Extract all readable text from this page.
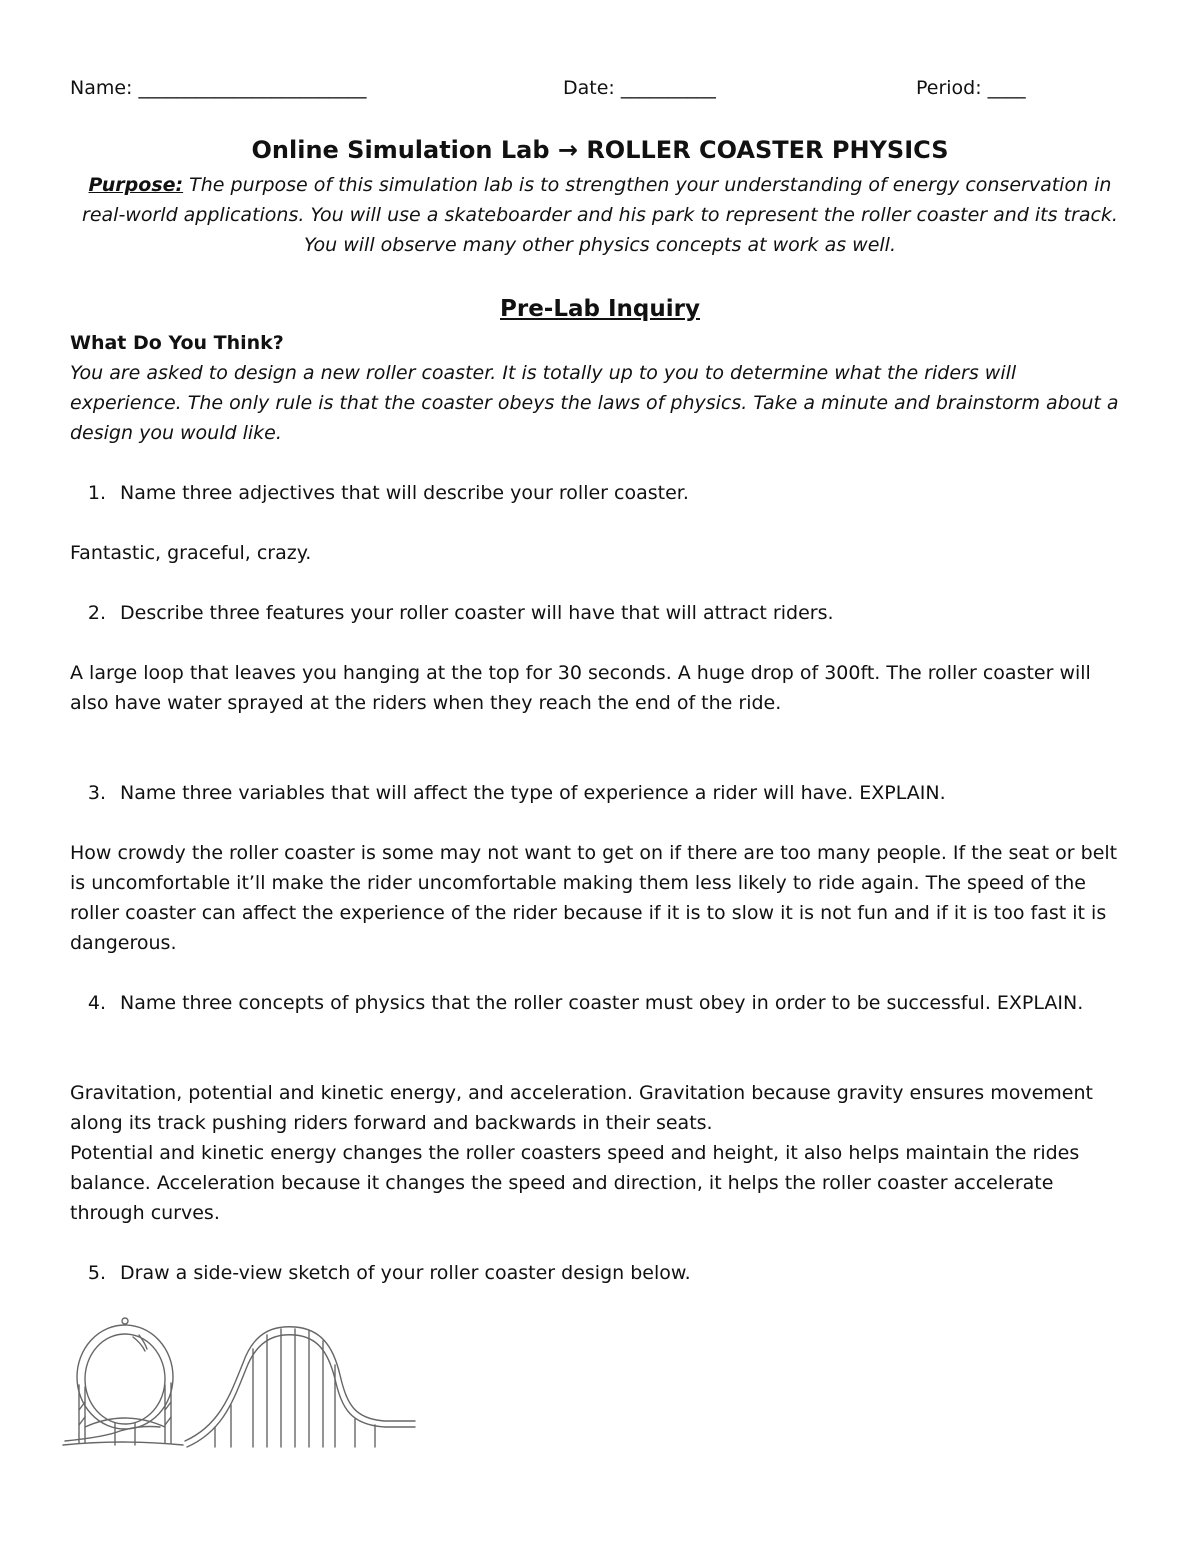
Name: ________________________	Date: __________	Period: ____
Online Simulation Lab → ROLLER COASTER PHYSICS
Purpose: The purpose of this simulation lab is to strengthen your understanding of energy conservation in real-world applications. You will use a skateboarder and his park to represent the roller coaster and its track. You will observe many other physics concepts at work as well.
Pre-Lab Inquiry
What Do You Think?
You are asked to design a new roller coaster. It is totally up to you to determine what the riders will experience. The only rule is that the coaster obeys the laws of physics. Take a minute and brainstorm about a design you would like.
1. Name three adjectives that will describe your roller coaster.
Fantastic, graceful, crazy.
2. Describe three features your roller coaster will have that will attract riders.
A large loop that leaves you hanging at the top for 30 seconds. A huge drop of 300ft. The roller coaster will also have water sprayed at the riders when they reach the end of the ride.
3. Name three variables that will affect the type of experience a rider will have. EXPLAIN.
How crowdy the roller coaster is some may not want to get on if there are too many people. If the seat or belt is uncomfortable it’ll make the rider uncomfortable making them less likely to ride again. The speed of the roller coaster can affect the experience of the rider because if it is to slow it is not fun and if it is too fast it is dangerous.
4. Name three concepts of physics that the roller coaster must obey in order to be successful. EXPLAIN.
Gravitation, potential and kinetic energy, and acceleration. Gravitation because gravity ensures movement along its track pushing riders forward and backwards in their seats.
Potential and kinetic energy changes the roller coasters speed and height, it also helps maintain the rides balance. Acceleration because it changes the speed and direction, it helps the roller coaster accelerate through curves.
5. Draw a side-view sketch of your roller coaster design below.
